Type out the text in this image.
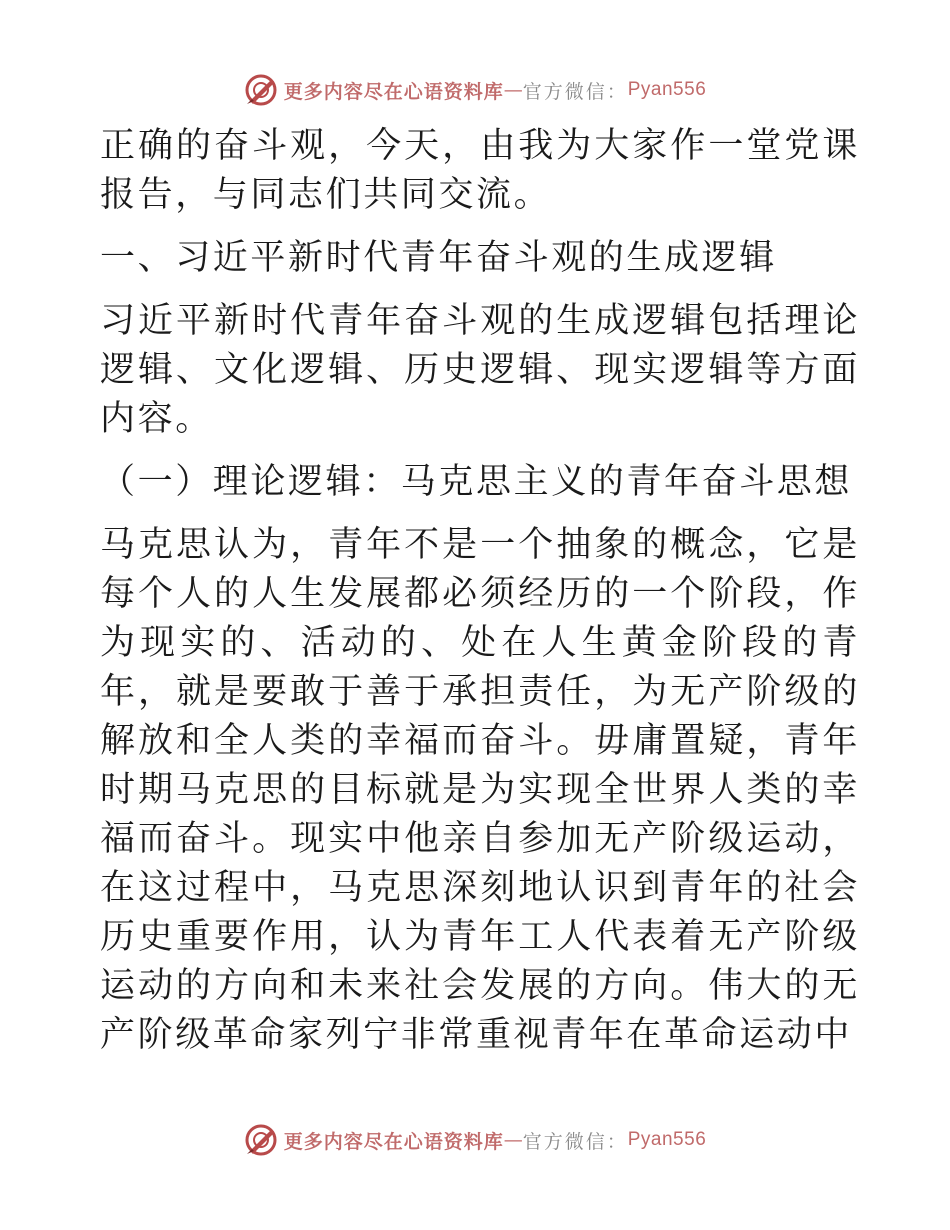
更多内容尽在心语资料库 — 官方微信： Pyan556

正确的奋斗观，今天，由我为大家作一堂党课报告，与同志们共同交流。

一、习近平新时代青年奋斗观的生成逻辑

习近平新时代青年奋斗观的生成逻辑包括理论逻辑、文化逻辑、历史逻辑、现实逻辑等方面内容。

（一）理论逻辑：马克思主义的青年奋斗思想

马克思认为，青年不是一个抽象的概念，它是每个人的人生发展都必须经历的一个阶段，作为现实的、活动的、处在人生黄金阶段的青年，就是要敢于善于承担责任，为无产阶级的解放和全人类的幸福而奋斗。毋庸置疑，青年时期马克思的目标就是为实现全世界人类的幸福而奋斗。现实中他亲自参加无产阶级运动，在这过程中，马克思深刻地认识到青年的社会历史重要作用，认为青年工人代表着无产阶级运动的方向和未来社会发展的方向。伟大的无产阶级革命家列宁非常重视青年在革命运动中

更多内容尽在心语资料库 — 官方微信： Pyan556
